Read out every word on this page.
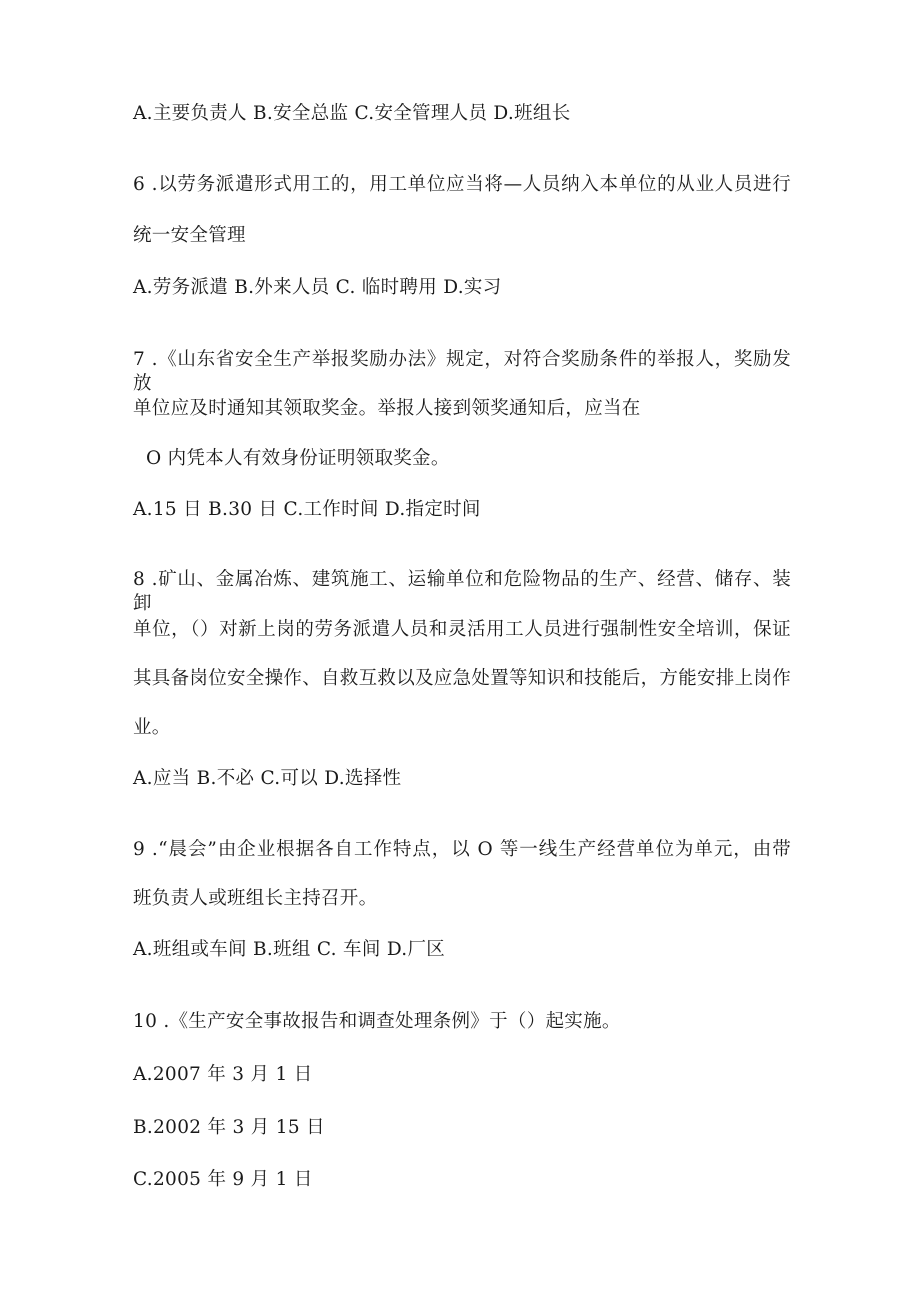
A.主要负责人 B.安全总监 C.安全管理人员 D.班组长
6 .以劳务派遣形式用工的，用工单位应当将—人员纳入本单位的从业人员进行
统一安全管理
A.劳务派遣 B.外来人员 C. 临时聘用 D.实习
7 .《山东省安全生产举报奖励办法》规定，对符合奖励条件的举报人，奖励发放
单位应及时通知其领取奖金。举报人接到领奖通知后，应当在
O 内凭本人有效身份证明领取奖金。
A.15 日 B.30 日 C.工作时间 D.指定时间
8 .矿山、金属冶炼、建筑施工、运输单位和危险物品的生产、经营、储存、装卸
单位，（）对新上岗的劳务派遣人员和灵活用工人员进行强制性安全培训，保证
其具备岗位安全操作、自救互救以及应急处置等知识和技能后，方能安排上岗作
业。
A.应当 B.不必 C.可以 D.选择性
9 .“晨会”由企业根据各自工作特点，以 O 等一线生产经营单位为单元，由带
班负责人或班组长主持召开。
A.班组或车间 B.班组 C. 车间 D.厂区
10 .《生产安全事故报告和调查处理条例》于（）起实施。
A.2007 年 3 月 1 日
B.2002 年 3 月 15 日
C.2005 年 9 月 1 日
